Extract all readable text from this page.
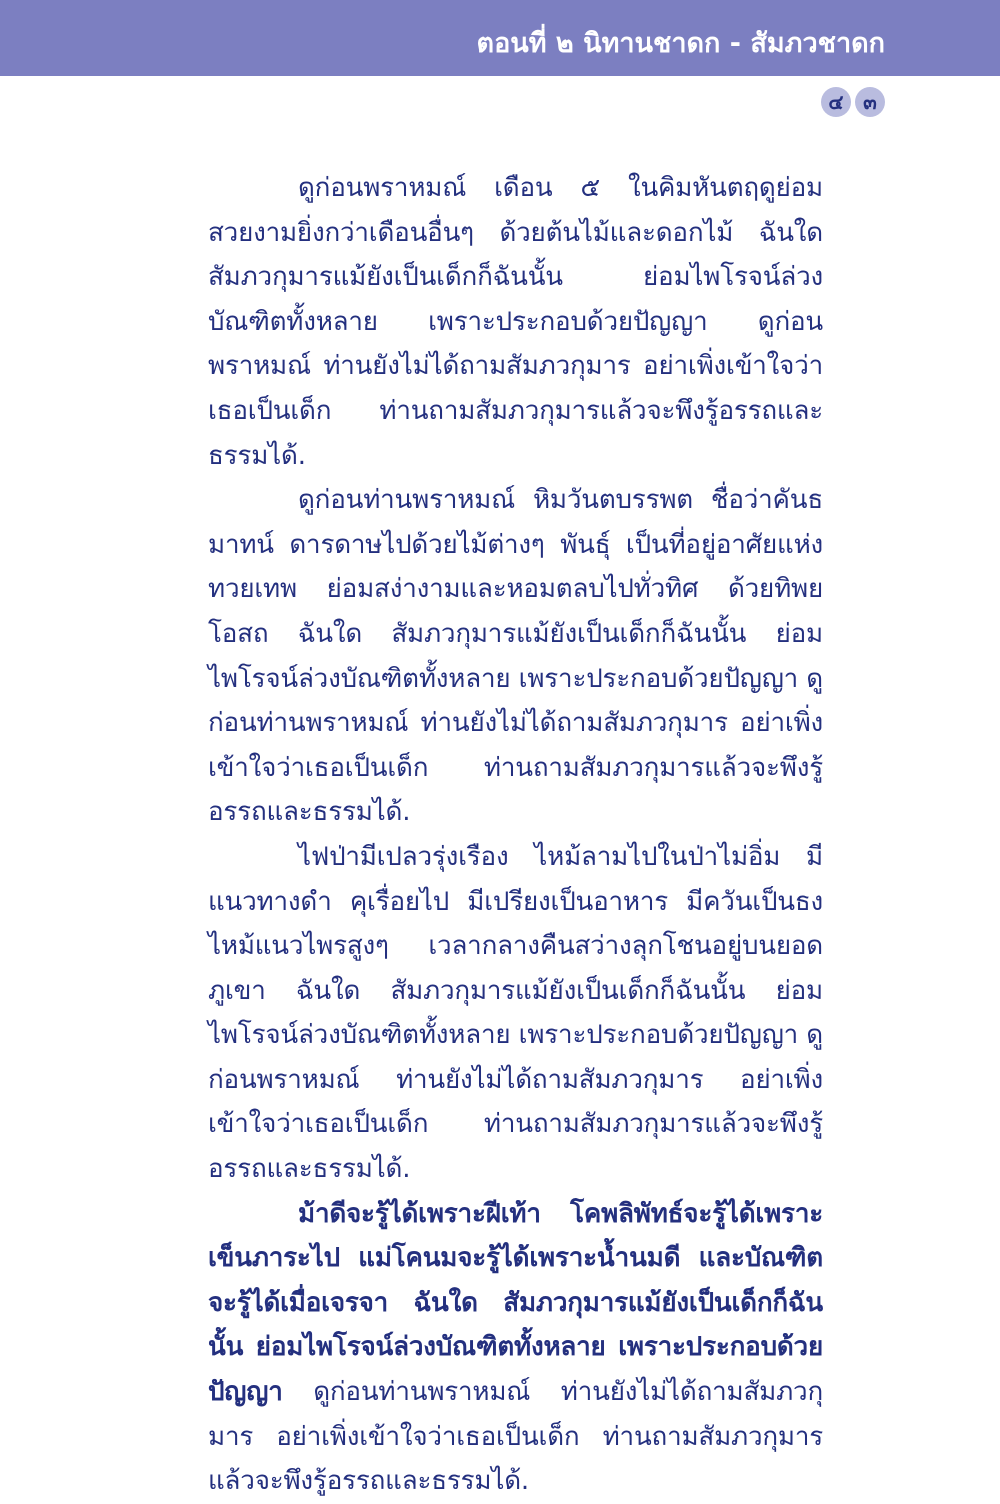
ตอนที่ ๒ นิทานชาดก - สัมภวชาดก
๔ ๓

ดูก่อนพราหมณ์ เดือน ๕ ในคิมหันตฤดูย่อมสวยงามยิ่งกว่าเดือนอื่นๆ ด้วยต้นไม้และดอกไม้ ฉันใด สัมภวกุมารแม้ยังเป็นเด็กก็ฉันนั้น ย่อมไพโรจน์ล่วงบัณฑิตทั้งหลาย เพราะประกอบด้วยปัญญา ดูก่อนพราหมณ์ ท่านยังไม่ได้ถามสัมภวกุมาร อย่าเพิ่งเข้าใจว่าเธอเป็นเด็ก ท่านถามสัมภวกุมารแล้วจะพึงรู้อรรถและธรรมได้.

ดูก่อนท่านพราหมณ์ หิมวันตบรรพต ชื่อว่าคันธมาทน์ ดารดาษไปด้วยไม้ต่างๆ พันธุ์ เป็นที่อยู่อาศัยแห่งทวยเทพ ย่อมสง่างามและหอมตลบไปทั่วทิศ ด้วยทิพยโอสถ ฉันใด สัมภวกุมารแม้ยังเป็นเด็กก็ฉันนั้น ย่อมไพโรจน์ล่วงบัณฑิตทั้งหลาย เพราะประกอบด้วยปัญญา ดูก่อนท่านพราหมณ์ ท่านยังไม่ได้ถามสัมภวกุมาร อย่าเพิ่งเข้าใจว่าเธอเป็นเด็ก ท่านถามสัมภวกุมารแล้วจะพึงรู้อรรถและธรรมได้.

ไฟป่ามีเปลวรุ่งเรือง ไหม้ลามไปในป่าไม่อิ่ม มีแนวทางดำ คุเรื่อยไป มีเปรียงเป็นอาหาร มีควันเป็นธง ไหม้แนวไพรสูงๆ เวลากลางคืนสว่างลุกโชนอยู่บนยอดภูเขา ฉันใด สัมภวกุมารแม้ยังเป็นเด็กก็ฉันนั้น ย่อมไพโรจน์ล่วงบัณฑิตทั้งหลาย เพราะประกอบด้วยปัญญา ดูก่อนพราหมณ์ ท่านยังไม่ได้ถามสัมภวกุมาร อย่าเพิ่งเข้าใจว่าเธอเป็นเด็ก ท่านถามสัมภวกุมารแล้วจะพึงรู้อรรถและธรรมได้.

ม้าดีจะรู้ได้เพราะฝีเท้า โคพลิพัทธ์จะรู้ได้เพราะเข็นภาระไป แม่โคนมจะรู้ได้เพราะน้ำนมดี และบัณฑิตจะรู้ได้เมื่อเจรจา ฉันใด สัมภวกุมารแม้ยังเป็นเด็กก็ฉันนั้น ย่อมไพโรจน์ล่วงบัณฑิตทั้งหลาย เพราะประกอบด้วยปัญญา ดูก่อนท่านพราหมณ์ ท่านยังไม่ได้ถามสัมภวกุมาร อย่าเพิ่งเข้าใจว่าเธอเป็นเด็ก ท่านถามสัมภวกุมารแล้วจะพึงรู้อรรถและธรรมได้.
